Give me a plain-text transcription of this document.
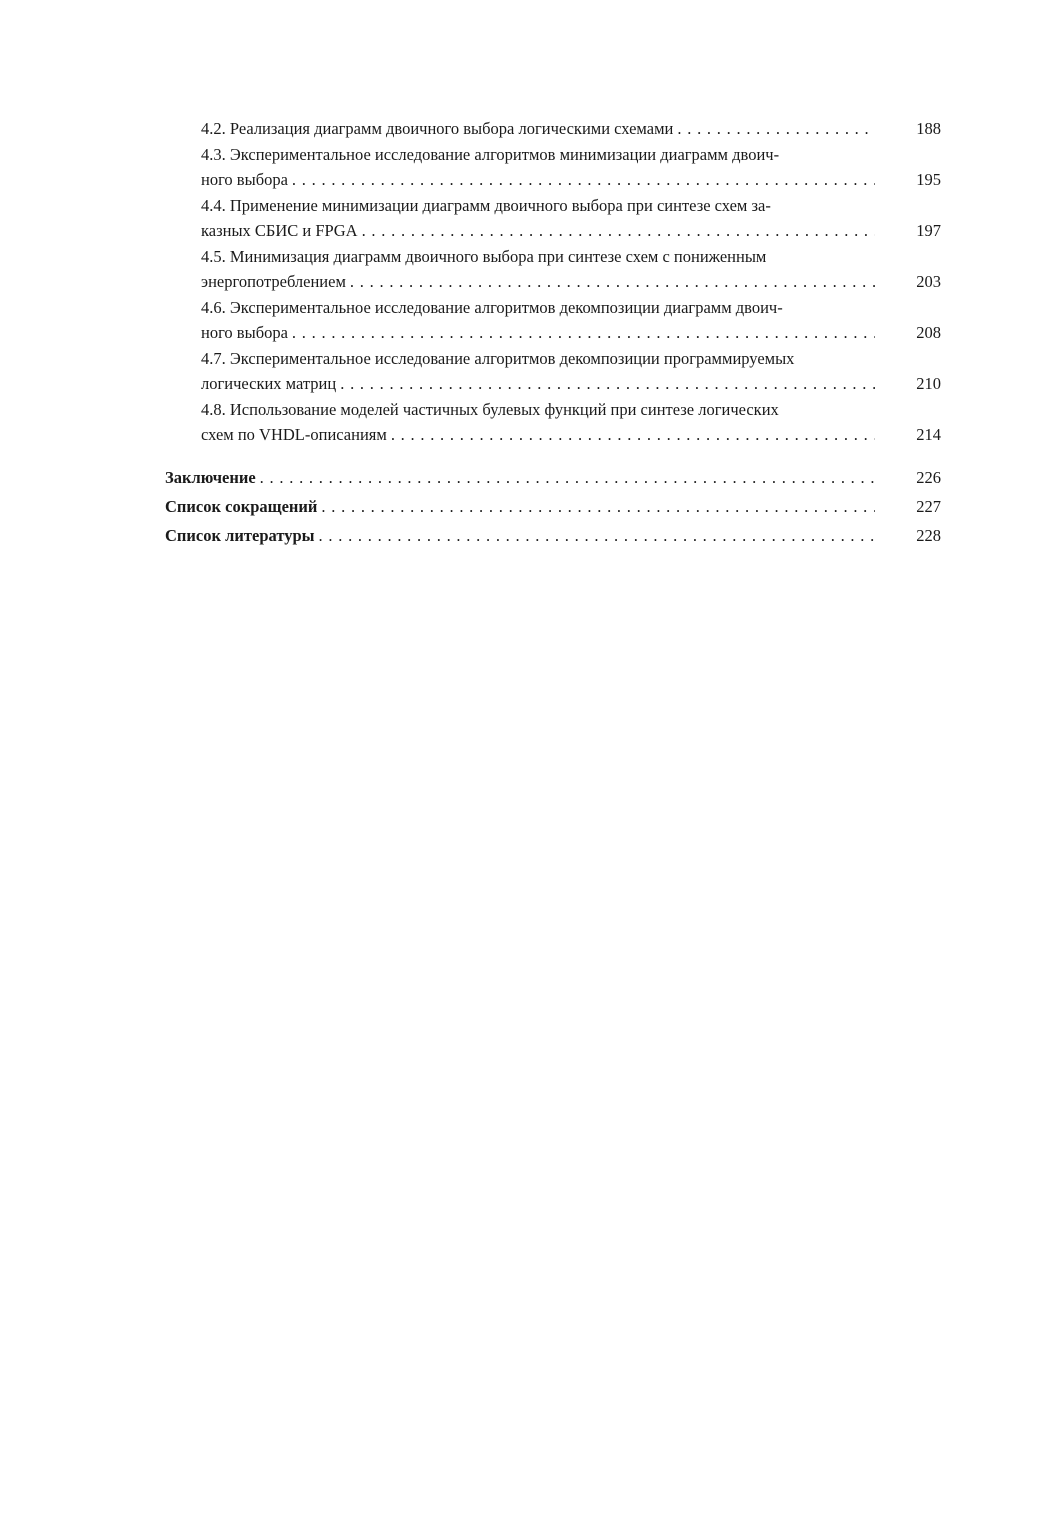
4.2. Реализация диаграмм двоичного выбора логическими схемами . . .	188
4.3. Экспериментальное исследование алгоритмов минимизации диаграмм двоич-
ного выбора . . .	195
4.4. Применение минимизации диаграмм двоичного выбора при синтезе схем за-
казных СБИС и FPGA . . .	197
4.5. Минимизация диаграмм двоичного выбора при синтезе схем с пониженным
энергопотреблением . . .	203
4.6. Экспериментальное исследование алгоритмов декомпозиции диаграмм двоич-
ного выбора . . .	208
4.7. Экспериментальное исследование алгоритмов декомпозиции программируемых
логических матриц . . .	210
4.8. Использование моделей частичных булевых функций при синтезе логических
схем по VHDL-описаниям . . .	214
Заключение . . .	226
Список сокращений . . .	227
Список литературы . . .	228
